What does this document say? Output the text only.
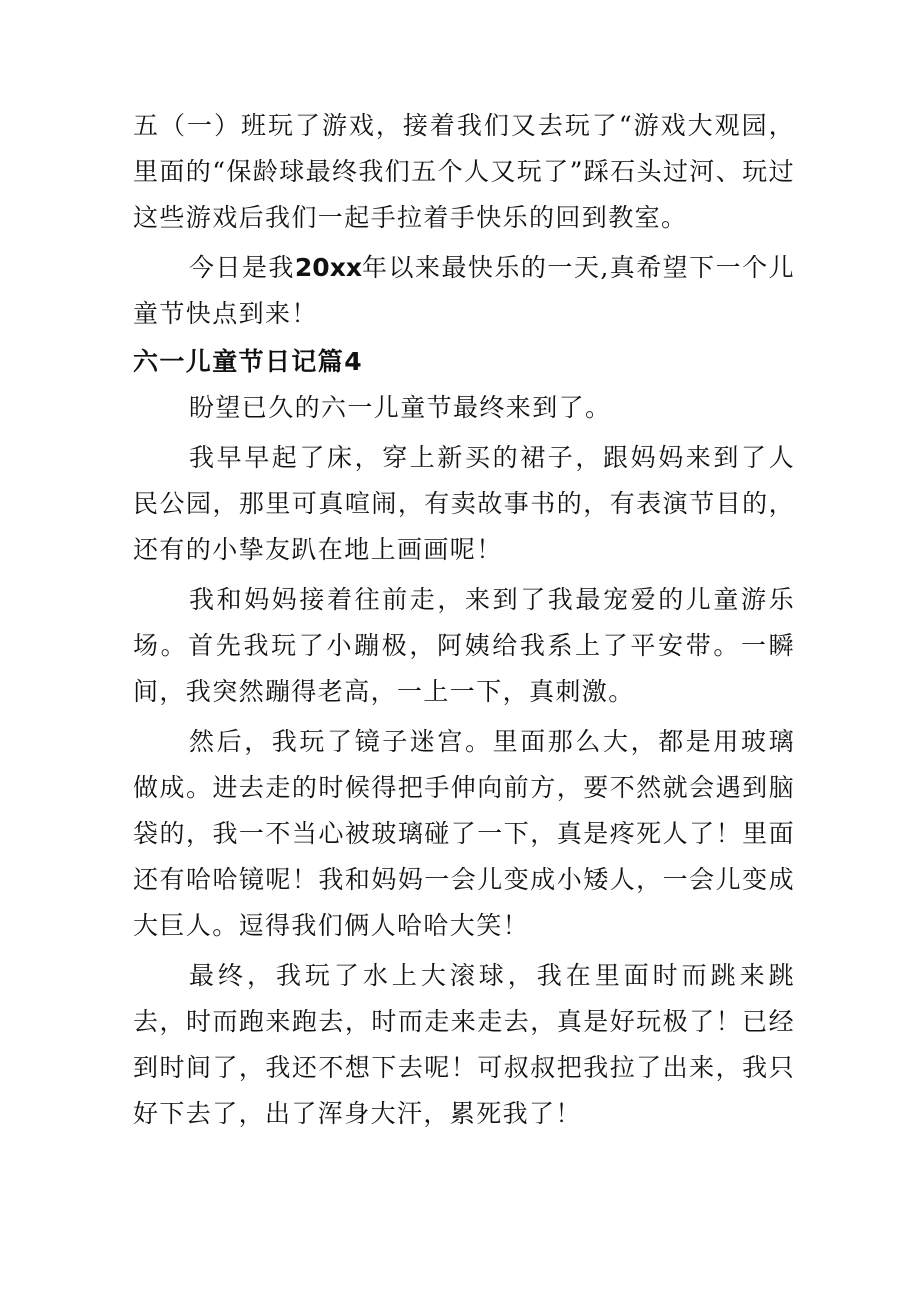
五（一）班玩了游戏，接着我们又去玩了“游戏大观园，里面的“保龄球最终我们五个人又玩了”踩石头过河、玩过这些游戏后我们一起手拉着手快乐的回到教室。

今日是我20xx年以来最快乐的一天,真希望下一个儿童节快点到来！

六一儿童节日记篇4

盼望已久的六一儿童节最终来到了。

我早早起了床，穿上新买的裙子，跟妈妈来到了人民公园，那里可真喧闹，有卖故事书的，有表演节目的，还有的小挚友趴在地上画画呢！

我和妈妈接着往前走，来到了我最宠爱的儿童游乐场。首先我玩了小蹦极，阿姨给我系上了平安带。一瞬间，我突然蹦得老高，一上一下，真刺激。

然后，我玩了镜子迷宫。里面那么大，都是用玻璃做成。进去走的时候得把手伸向前方，要不然就会遇到脑袋的，我一不当心被玻璃碰了一下，真是疼死人了！里面还有哈哈镜呢！我和妈妈一会儿变成小矮人，一会儿变成大巨人。逗得我们俩人哈哈大笑！

最终，我玩了水上大滚球，我在里面时而跳来跳去，时而跑来跑去，时而走来走去，真是好玩极了！已经到时间了，我还不想下去呢！可叔叔把我拉了出来，我只好下去了，出了浑身大汗，累死我了！
